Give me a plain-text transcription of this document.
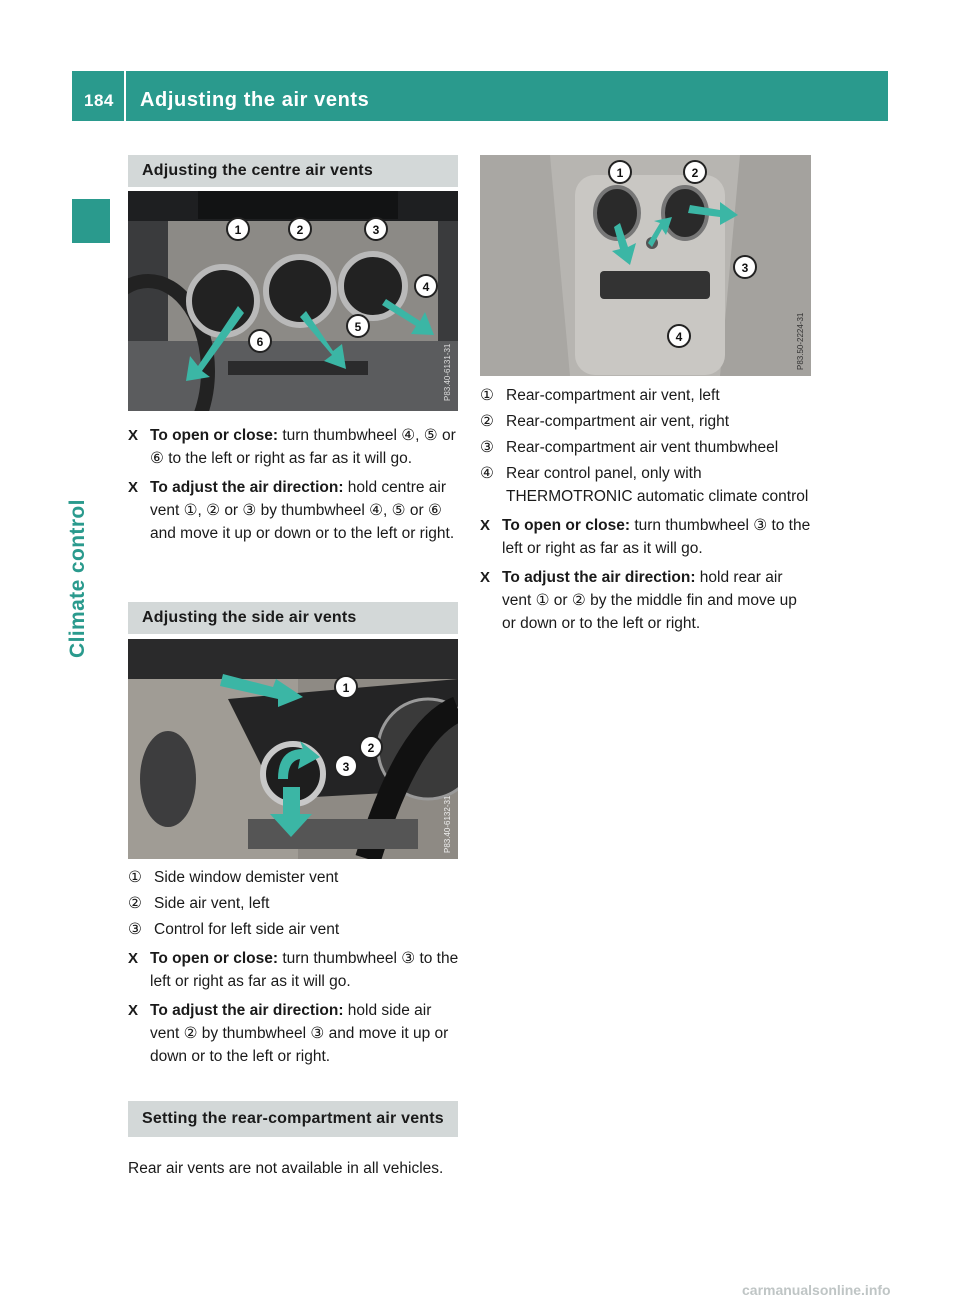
184 Adjusting the air vents
Climate control
Adjusting the centre air vents
1	2	3
4
5
6
P83.40-6131-31
X To open or close: turn thumbwheel ④, ⑤ or ⑥ to the left or right as far as it will go.
X To adjust the air direction: hold centre air vent ①, ② or ③ by thumbwheel ④, ⑤ or ⑥ and move it up or down or to the left or right.
Adjusting the side air vents
1
2
3
P83.40-6132-31
① Side window demister vent
② Side air vent, left
③ Control for left side air vent
X To open or close: turn thumbwheel ③ to the left or right as far as it will go.
X To adjust the air direction: hold side air vent ② by thumbwheel ③ and move it up or down or to the left or right.
Setting the rear-compartment air vents
Rear air vents are not available in all vehicles.
1	2
3
4	P83.50-2224-31
① Rear-compartment air vent, left
② Rear-compartment air vent, right
③ Rear-compartment air vent thumbwheel
④ Rear control panel, only with THERMOTRONIC automatic climate control
X To open or close: turn thumbwheel ③ to the left or right as far as it will go.
X To adjust the air direction: hold rear air vent ① or ② by the middle fin and move up or down or to the left or right.
carmanualsonline.info
